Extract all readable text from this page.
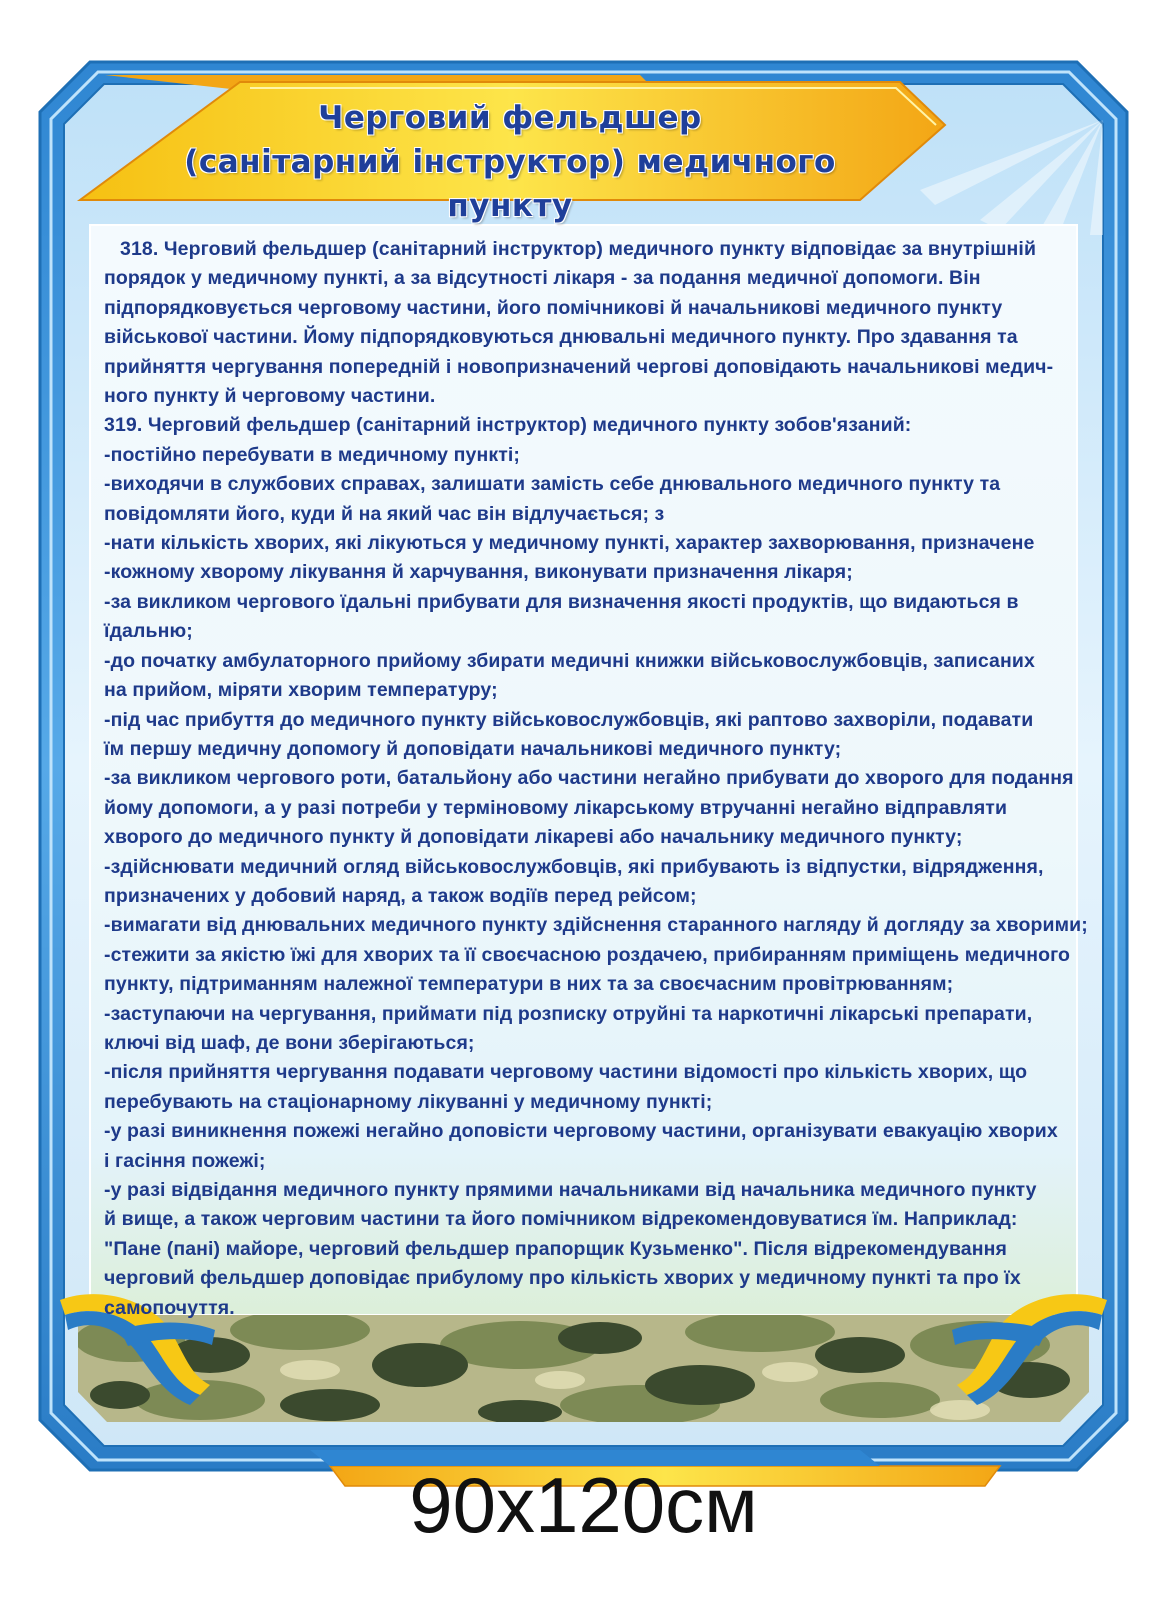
Черговий фельдшер
(санітарний інструктор) медичного пункту

318. Черговий фельдшер (санітарний інструктор) медичного пункту відповідає за внутрішній

порядок у медичному пункті, а за відсутності лікаря - за подання медичної допомоги. Він

підпорядковується черговому частини, його помічникові й начальникові медичного пункту

військової частини. Йому підпорядковуються днювальні медичного пункту. Про здавання та

прийняття чергування попередній і новопризначений чергові доповідають начальникові медич-

ного пункту й черговому частини.

319. Черговий фельдшер (санітарний інструктор) медичного пункту зобов'язаний:

-постійно перебувати в медичному пункті;

-виходячи в службових справах, залишати замість себе днювального медичного пункту та

повідомляти його, куди й на який час він відлучається; з

-нати кількість хворих, які лікуються у медичному пункті, характер захворювання, призначене

-кожному хворому лікування й харчування, виконувати призначення лікаря;

-за викликом чергового їдальні прибувати для визначення якості продуктів, що видаються в

їдальню;

-до початку амбулаторного прийому збирати медичні книжки військовослужбовців, записаних

на прийом, міряти хворим температуру;

-під час прибуття до медичного пункту військовослужбовців, які раптово захворіли, подавати

їм першу медичну допомогу й доповідати начальникові медичного пункту;

-за викликом чергового роти, батальйону або частини негайно прибувати до хворого для подання

йому допомоги, а у разі потреби у терміновому лікарському втручанні негайно відправляти

хворого до медичного пункту й доповідати лікареві або начальнику медичного пункту;

-здійснювати медичний огляд військовослужбовців, які прибувають із відпустки, відрядження,

призначених у добовий наряд, а також водіїв перед рейсом;

-вимагати від днювальних медичного пункту здійснення старанного нагляду й догляду за хворими;

-стежити за якістю їжі для хворих та її своєчасною роздачею, прибиранням приміщень медичного

пункту, підтриманням належної температури в них та за своєчасним провітрюванням;

-заступаючи на чергування, приймати під розписку отруйні та наркотичні лікарські препарати,

ключі від шаф, де вони зберігаються;

-після прийняття чергування подавати черговому частини відомості про кількість хворих, що

перебувають на стаціонарному лікуванні у медичному пункті;

-у разі виникнення пожежі негайно доповісти черговому частини, організувати евакуацію хворих

і гасіння пожежі;

-у разі відвідання медичного пункту прямими начальниками від начальника медичного пункту

й вище, а також черговим частини та його помічником відрекомендовуватися їм. Наприклад:

"Пане (пані) майоре, черговий фельдшер прапорщик Кузьменко". Після відрекомендування

черговий фельдшер доповідає прибулому про кількість хворих у медичному пункті та про їх

самопочуття.

90х120см
